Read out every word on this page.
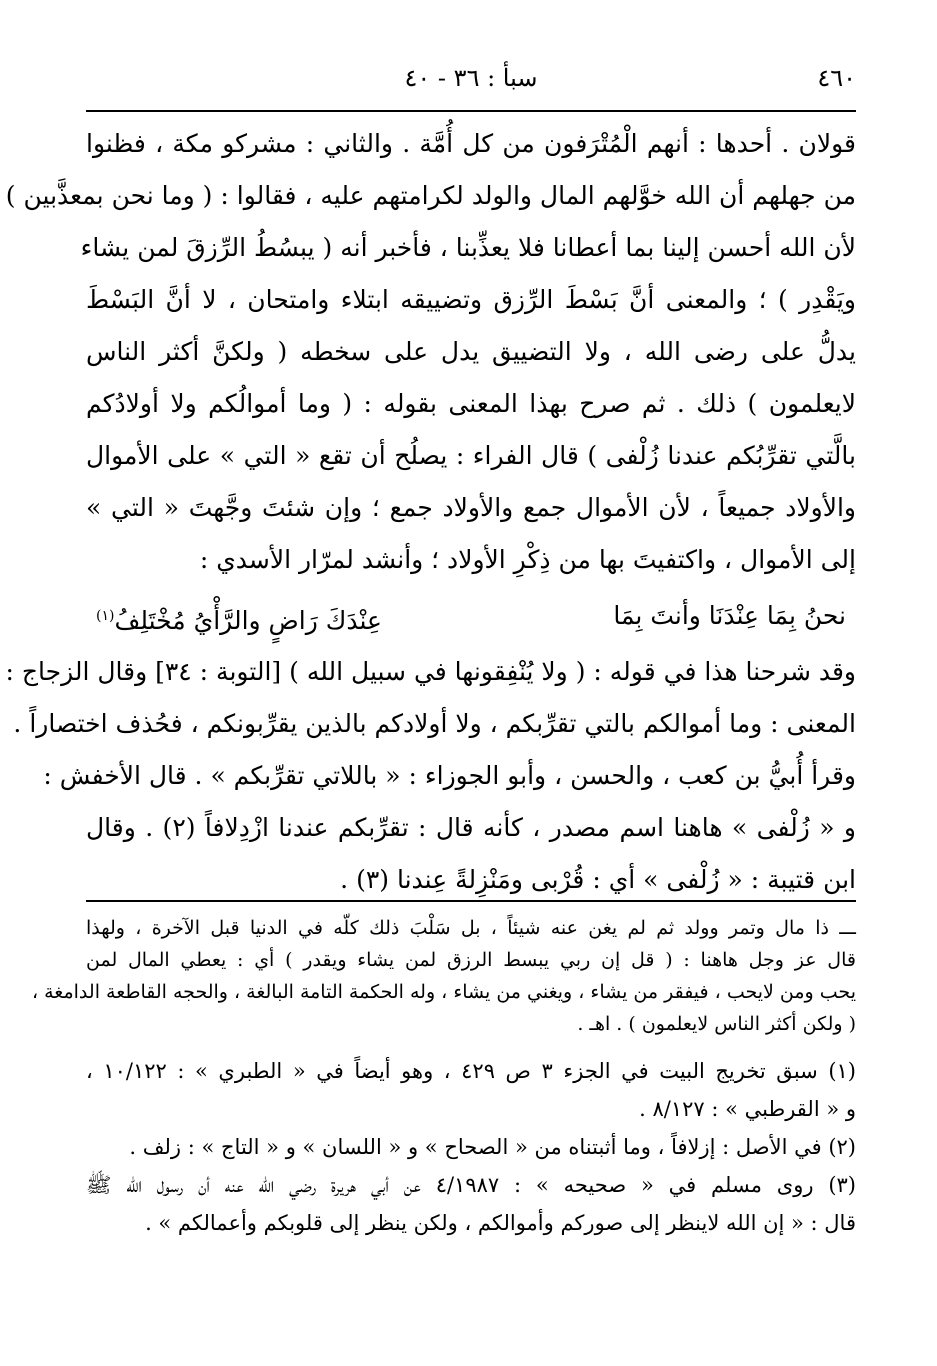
٤٦٠
سبأ : ٣٦ - ٤٠
قولان . أحدها : أنهم الْمُتْرَفون من كل أُمَّة . والثاني : مشركو مكة ، فظنوا
من جهلهم أن الله خوَّلهم المال والولد لكرامتهم عليه ، فقالوا : ( وما نحن بمعذَّبين )
لأن الله أحسن إلينا بما أعطانا فلا يعذِّبنا ، فأخبر أنه ( يبسُطُ الرِّزقَ لمن يشاء
ويَقْدِر ) ؛ والمعنى أنَّ بَسْطَ الرِّزق وتضييقه ابتلاء وامتحان ، لا أنَّ البَسْطَ
يدلُّ على رضى الله ، ولا التضييق يدل على سخطه ( ولكنَّ أكثر الناس
لايعلمون ) ذلك . ثم صرح بهذا المعنى بقوله : ( وما أموالُكم ولا أولادُكم
بالَّتي تقرِّبُكم عندنا زُلْفى ) قال الفراء : يصلُح أن تقع « التي » على الأموال
والأولاد جميعاً ، لأن الأموال جمع والأولاد جمع ؛ وإن شئتَ وجَّهتَ « التي »
إلى الأموال ، واكتفيتَ بها من ذِكْرِ الأولاد ؛ وأنشد لمرّار الأسدي :
نحنُ بِمَا عِنْدَنَا وأنتَ بِمَا
عِنْدَكَ رَاضٍ والرَّأْيُ مُخْتَلِفُ(١)
وقد شرحنا هذا في قوله : ( ولا يُنْفِقونها في سبيل الله ) [التوبة : ٣٤] وقال الزجاج :
المعنى : وما أموالكم بالتي تقرِّبكم ، ولا أولادكم بالذين يقرِّبونكم ، فحُذف اختصاراً .
وقرأ أُبيُّ بن كعب ، والحسن ، وأبو الجوزاء : « باللاتي تقرِّبكم » . قال الأخفش :
و « زُلْفى » هاهنا اسم مصدر ، كأنه قال : تقرِّبكم عندنا ازْدِلافاً (٢) . وقال
ابن قتيبة : « زُلْفى » أي : قُرْبى ومَنْزِلةً عِندنا (٣) .
ـــ ذا مال وتمر وولد ثم لم يغن عنه شيئاً ، بل سَلْبَ ذلك كلّه في الدنيا قبل الآخرة ، ولهذا
قال عز وجل هاهنا : ( قل إن ربي يبسط الرزق لمن يشاء ويقدر ) أي : يعطي المال لمن
يحب ومن لايحب ، فيفقر من يشاء ، ويغني من يشاء ، وله الحكمة التامة البالغة ، والحجه القاطعة الدامغة ،
( ولكن أكثر الناس لايعلمون ) . اهـ .
(١) سبق تخريج البيت في الجزء ٣ ص ٤٢٩ ، وهو أيضاً في « الطبري » : ١٠/١٢٢ ،
و « القرطبي » : ٨/١٢٧ .
(٢) في الأصل : إزلافاً ، وما أثبتناه من « الصحاح » و « اللسان » و « التاج » : زلف .
(٣) روى مسلم في « صحيحه » : ٤/١٩٨٧ عن أبي هريرة رضي الله عنه أن رسول الله ﷺ
قال : « إن الله لاينظر إلى صوركم وأموالكم ، ولكن ينظر إلى قلوبكم وأعمالكم » .
